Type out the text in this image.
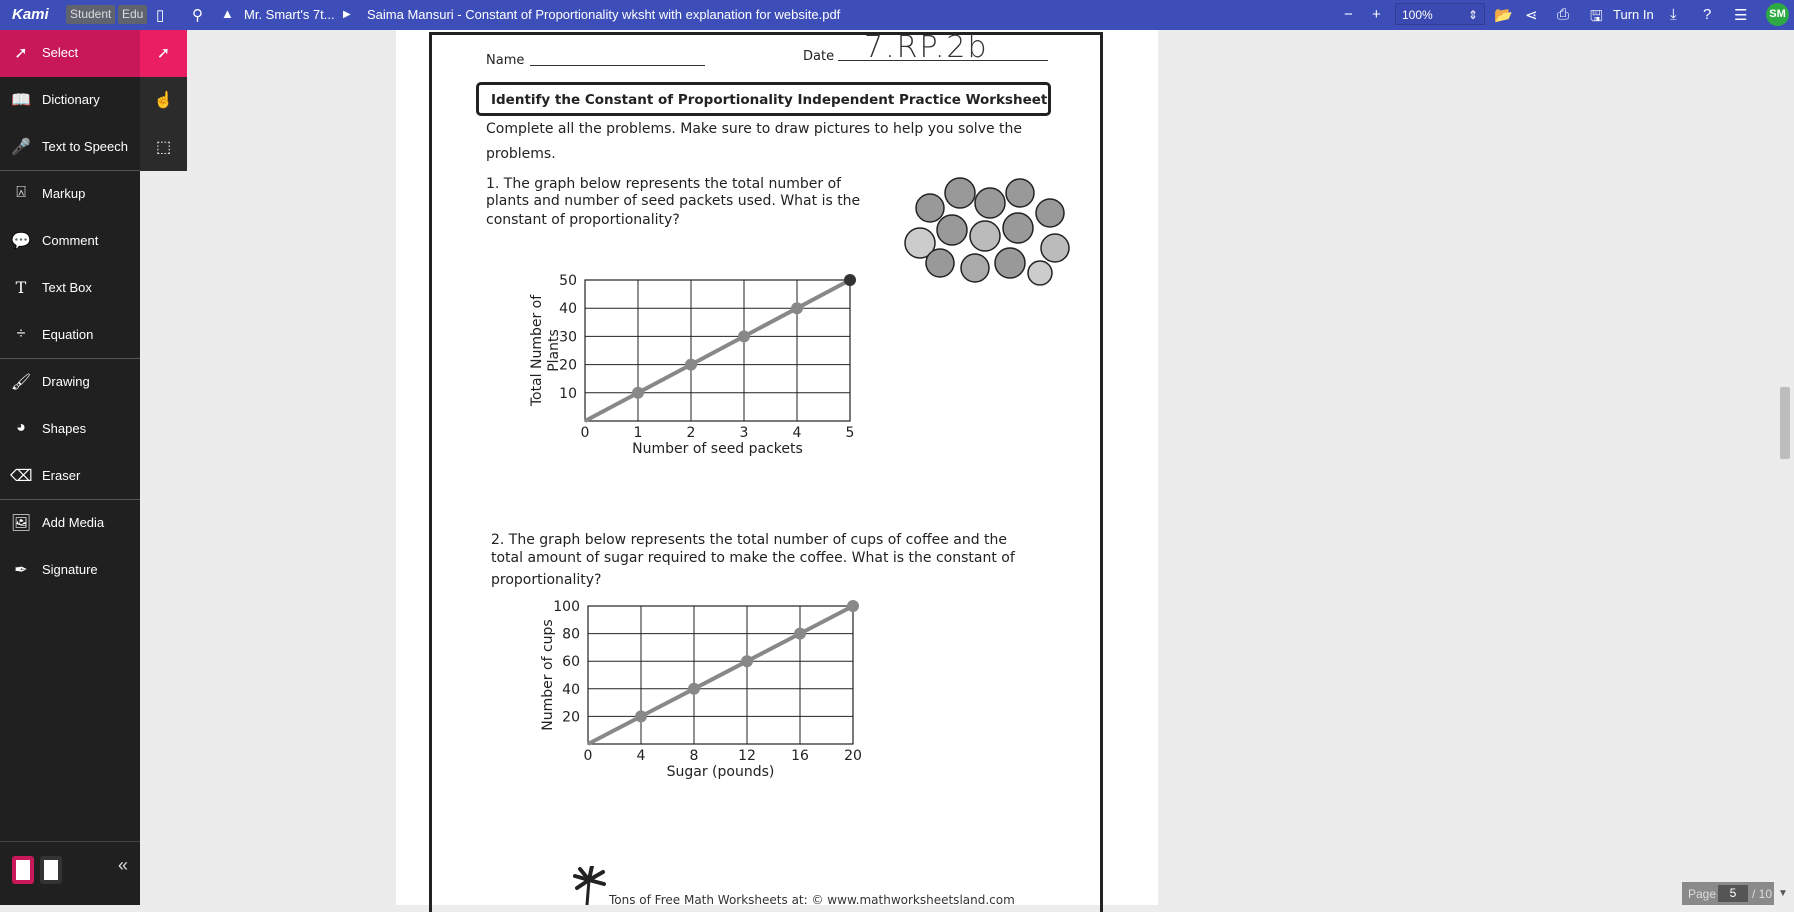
Kami	Student Edu ▯ ⚲ ▲ Mr. Smart's 7t... ▶ Saima Mansuri - Constant of Proportionality wksht with explanation for website.pdf	− +	100%	⇕ 📂 ⋖ ⎙ 🖫 Turn In ⤓ ? ☰ SM
➚	Select
📖 Dictionary
🎤 Text to Speech
⍓	Markup
💬 Comment
T	Text Box
÷	Equation
🖌 Drawing
◕	Shapes
⌫ Eraser
🖼 Add Media
✒	Signature
«
➚
☝
⬚
Name	Date 7.RP.2b
Identify the Constant of Proportionality Independent Practice Worksheet
Complete all the problems. Make sure to draw pictures to help you solve the
problems.
1. The graph below represents the total number of
plants and number of seed packets used. What is the
constant of proportionality?
0	1	2	3	4	5
10
20
30
40
50
Number of seed packets
Total Number of Plants
2. The graph below represents the total number of cups of coffee and the
total amount of sugar required to make the coffee. What is the constant of
proportionality?
0	4	8	12	16	20
20
40
60
80
100
Sugar (pounds)
Number of cups
Tons of Free Math Worksheets at: © www.mathworksheetsland.com	Page	5	/ 10 ▼
